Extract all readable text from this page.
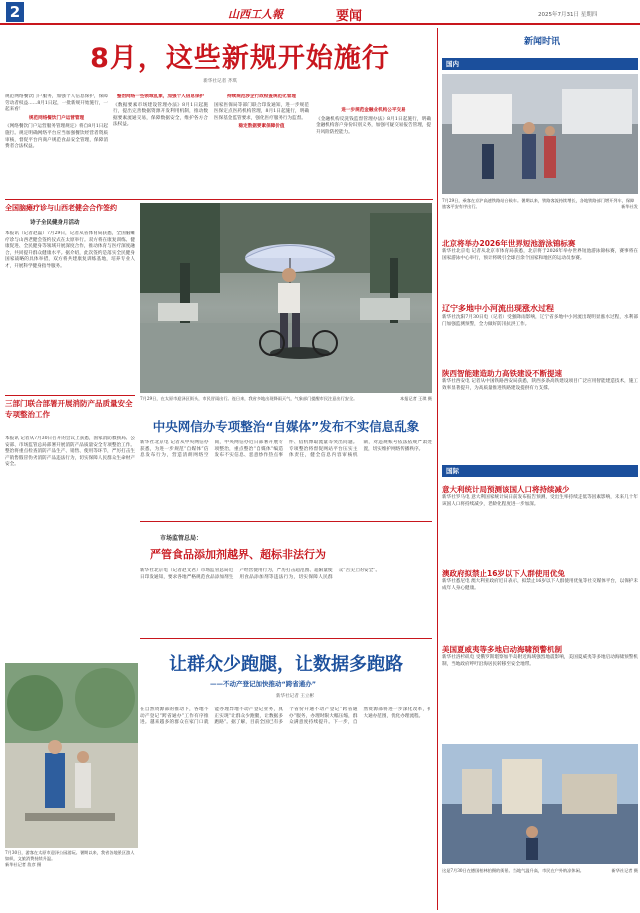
2	山西工人報	要闻	2025年7月31日 星期四
8月，这些新规开始施行
新华社记者 齐琪

规范网络餐饮门户服务，加强个人信息保护，保障劳动者权益……8月1日起，一批新规开始施行，一起来看！

规范网络餐饮门户运营管理

《网络餐饮门户运营服务管理规定》将自8月1日起施行。规定明确网络平台应当加强餐饮经营者资质审核，督促平台内商户规范食品安全管理，保障消费者合法权益。

整治网络一些领域乱象，加强个人信息保护

《数据要素市场建设管理办法》8月1日起施行，提出完善数据资源开发利用机制，推动数据要素流通交易，保障数据安全，维护各方合法权益。

持续规范涉企行政检查规范化管理

国家医保局等部门联合印发通知，进一步规范医保定点医药机构管理，8月1日起施行，明确医保基金监管要求，强化医疗服务行为监督。

稳定数据要素保障价值

进一步规范金融业机构公平交易

《金融机构反洗钱监督管理办法》8月1日起施行，明确金融机构客户身份识别义务，加强可疑交易报告管理，提升风险防控能力。

全国脑瘫疗诊与山西老健会合作签约
诗子全民健身月活动
本报讯（记者赵磊）7月29日，记者从省体育局获悉，全国脑瘫疗诊与山西老健会签约仪式在太原举行。双方将在康复训练、健康促进、全民健身等领域开展深度合作，推动体育与医疗深度融合，共同提升群众健康水平。据介绍，此次签约是落实全民健身国家战略的具体举措，双方将共建康复训练基地，培养专业人才，开展科学健身指导服务。
三部门联合部署开展消防产品质量安全专项整治工作
本报讯 记者从7月30日召开的会议上获悉，国家消防救援局、公安部、市场监管总局部署开展消防产品质量安全专项整治工作。整治将重点检查消防产品生产、销售、使用等环节，严厉打击生产销售假冒伪劣消防产品违法行为，切实保障人民群众生命财产安全。
7月29日，在太原市迎泽区街头，市民冒雨出行。连日来，我省多地出现降雨天气，气象部门提醒市民注意出行安全。	本报记者 王琪 摄
中央网信办专项整治“自媒体”发布不实信息乱象
新华社北京电 记者从中央网信办获悉，为进一步规范“自媒体”信息发布行为，营造清朗网络空间，中央网信办近日部署开展专项整治，重点整治“自媒体”编造发布不实信息、恶意炒作热点事件、借机博取流量等突出问题。专项整治将督促网站平台压实主体责任，健全信息内容审核机制，对违规账号依法依规严肃处置，切实维护网络传播秩序。
市场监管总局：
严管食品添加剂越界、超标非法行为
新华社北京电（记者赵文君）市场监管总局近日印发通知，要求各地严格规范食品添加剂生产经营使用行为，严厉打击超范围、超限量使用食品添加剂等违法行为，切实保障人民群众“舌尖上的安全”。
7月30日，游客在太原市迎泽公园游玩。暑期以来，我省各地景区游人如织，文旅消费持续升温。
新华社记者 詹彦 摄
让群众少跑腿，让数据多跑路
——不动产登记加快推动“跨省通办”
新华社记者 王立彬
在自然资源部的推动下，各地不动产登记“跨省通办”工作有序推进。越来越多的群众在家门口就能办理异地不动产登记业务，真正实现“让群众少跑腿，让数据多跑路”。据了解，目前全国已有多个省份开通不动产登记“跨省通办”服务，办理时限大幅压缩，群众满意度持续提升。下一步，自然资源部将进一步深化改革，扩大通办范围，优化办理流程。
新闻时讯
国内
7月29日，乘客在京沪高速铁路站台候车。暑期以来，铁路客流持续增长，各地铁路部门增开列车，保障旅客平安有序出行。	新华社发
北京将举办2026年世界短池游泳锦标赛
新华社北京电 记者从北京市体育局获悉，北京将于2026年举办世界短池游泳锦标赛，赛事将在国家游泳中心举行，预计将吸引全球百余个国家和地区的运动员参赛。
辽宁多地中小河流出现涨水过程
新华社沈阳7月30日电（记者）受强降雨影响，辽宁省多地中小河流出现明显涨水过程，水利部门加强监测预警，全力做好防汛抗洪工作。
陕西智能建造助力高铁建设不断提速
新华社西安电 记者从中国铁路西安局获悉，陕西多条高铁建设项目广泛应用智能建造技术，施工效率显著提升，为高质量推进铁路建设提供有力支撑。
国际
意大利统计局预测该国人口将持续减少
新华社罗马电 意大利国家统计局日前发布报告预测，受出生率持续走低等因素影响，未来几十年该国人口将持续减少，老龄化程度进一步加深。
澳政府拟禁止16岁以下人群使用优兔
新华社悉尼电 澳大利亚政府近日表示，拟禁止16岁以下人群使用优兔等社交媒体平台，以保护未成年人身心健康。
美国夏威夷等多地启动海啸预警机制
新华社洛杉矶电 受俄罗斯堪察加半岛附近海域强烈地震影响，美国夏威夷等多地启动海啸预警机制，当地政府呼吁沿海居民转移至安全地带。
这是7月30日在德国柏林拍摄的街景。当地气温升高，市民在户外纳凉休闲。	新华社记者 摄
